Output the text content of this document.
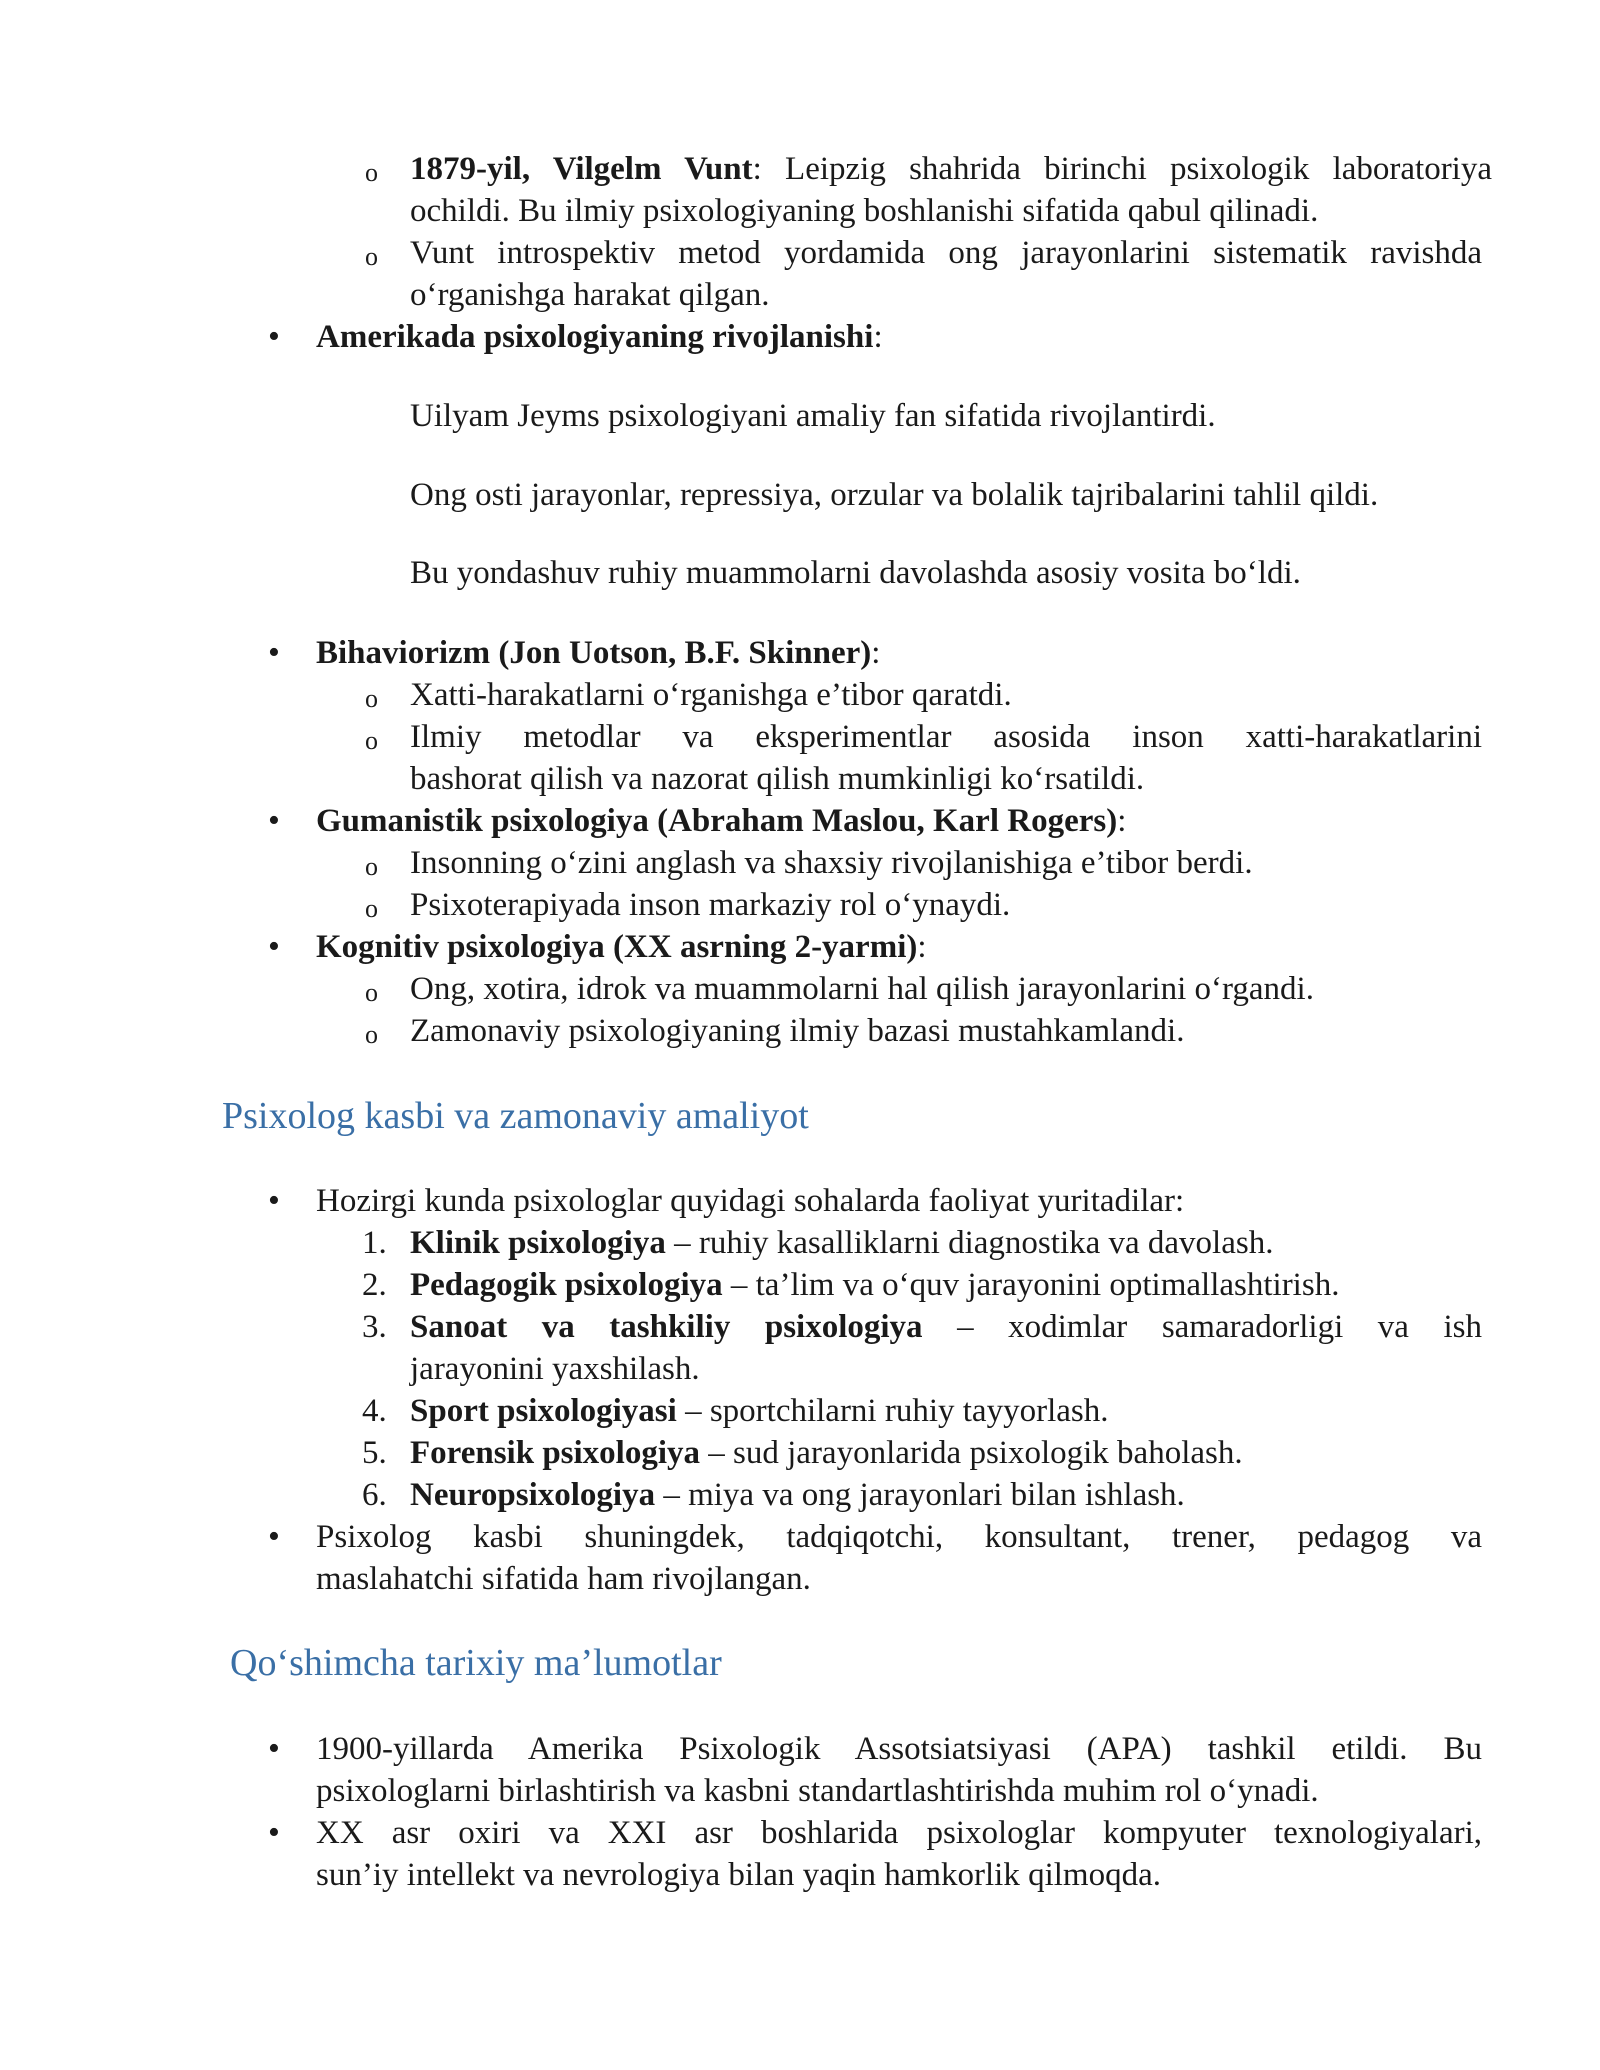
o 1879-yil, Vilgelm Vunt: Leipzig shahrida birinchi psixologik laboratoriya
ochildi. Bu ilmiy psixologiyaning boshlanishi sifatida qabul qilinadi.
o Vunt introspektiv metod yordamida ong jarayonlarini sistematik ravishda
o‘rganishga harakat qilgan.
• Amerikada psixologiyaning rivojlanishi:
Uilyam Jeyms psixologiyani amaliy fan sifatida rivojlantirdi.
Ong osti jarayonlar, repressiya, orzular va bolalik tajribalarini tahlil qildi.
Bu yondashuv ruhiy muammolarni davolashda asosiy vosita bo‘ldi.
• Bihaviorizm (Jon Uotson, B.F. Skinner):
o Xatti-harakatlarni o‘rganishga e’tibor qaratdi.
o Ilmiy metodlar va eksperimentlar asosida inson xatti-harakatlarini
bashorat qilish va nazorat qilish mumkinligi ko‘rsatildi.
• Gumanistik psixologiya (Abraham Maslou, Karl Rogers):
o Insonning o‘zini anglash va shaxsiy rivojlanishiga e’tibor berdi.
o Psixoterapiyada inson markaziy rol o‘ynaydi.
• Kognitiv psixologiya (XX asrning 2-yarmi):
o Ong, xotira, idrok va muammolarni hal qilish jarayonlarini o‘rgandi.
o Zamonaviy psixologiyaning ilmiy bazasi mustahkamlandi.
Psixolog kasbi va zamonaviy amaliyot
• Hozirgi kunda psixologlar quyidagi sohalarda faoliyat yuritadilar:
1. Klinik psixologiya – ruhiy kasalliklarni diagnostika va davolash.
2. Pedagogik psixologiya – ta’lim va o‘quv jarayonini optimallashtirish.
3. Sanoat va tashkiliy psixologiya – xodimlar samaradorligi va ish
jarayonini yaxshilash.
4. Sport psixologiyasi – sportchilarni ruhiy tayyorlash.
5. Forensik psixologiya – sud jarayonlarida psixologik baholash.
6. Neuropsixologiya – miya va ong jarayonlari bilan ishlash.
• Psixolog kasbi shuningdek, tadqiqotchi, konsultant, trener, pedagog va
maslahatchi sifatida ham rivojlangan.
Qo‘shimcha tarixiy ma’lumotlar
• 1900-yillarda Amerika Psixologik Assotsiatsiyasi (APA) tashkil etildi. Bu
psixologlarni birlashtirish va kasbni standartlashtirishda muhim rol o‘ynadi.
• XX asr oxiri va XXI asr boshlarida psixologlar kompyuter texnologiyalari,
sun’iy intellekt va nevrologiya bilan yaqin hamkorlik qilmoqda.
